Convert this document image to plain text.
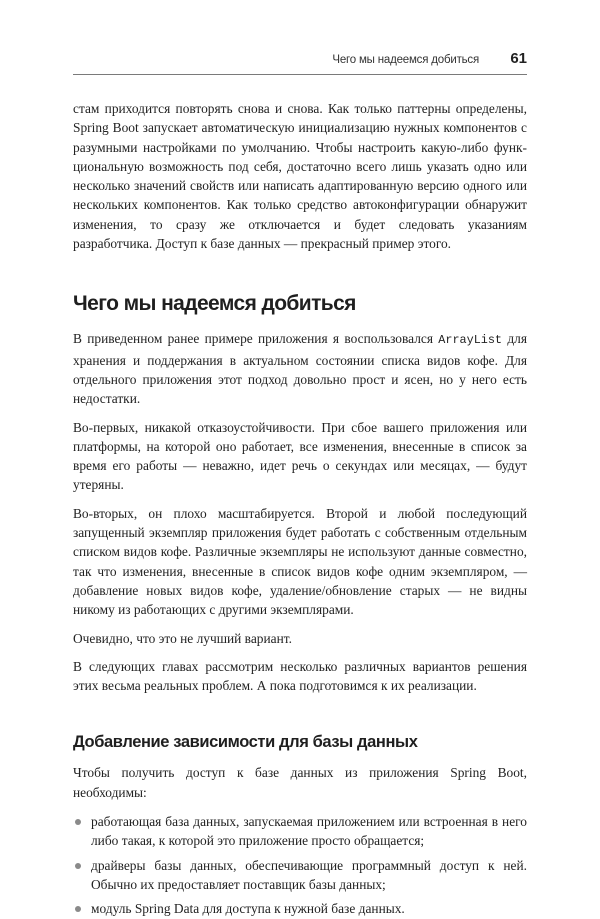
Чего мы надеемся добиться 61

стам приходится повторять снова и снова. Как только паттерны определены, Spring Boot запускает автоматическую инициализацию нужных компонентов с разумными настройками по умолчанию. Чтобы настроить какую-либо функциональную возможность под себя, достаточно всего лишь указать одно или несколько значений свойств или написать адаптированную версию одного или нескольких компонентов. Как только средство автоконфигурации обнаружит изменения, то сразу же отключается и будет следовать указаниям разработчика. Доступ к базе данных — прекрасный пример этого.

Чего мы надеемся добиться

В приведенном ранее примере приложения я воспользовался ArrayList для хранения и поддержания в актуальном состоянии списка видов кофе. Для отдельного приложения этот подход довольно прост и ясен, но у него есть недостатки.

Во-первых, никакой отказоустойчивости. При сбое вашего приложения или платформы, на которой оно работает, все изменения, внесенные в список за время его работы — неважно, идет речь о секундах или месяцах, — будут утеряны.

Во-вторых, он плохо масштабируется. Второй и любой последующий запущенный экземпляр приложения будет работать с собственным отдельным списком видов кофе. Различные экземпляры не используют данные совместно, так что изменения, внесенные в список видов кофе одним экземпляром, — добавление новых видов кофе, удаление/обновление старых — не видны никому из работающих с другими экземплярами.

Очевидно, что это не лучший вариант.

В следующих главах рассмотрим несколько различных вариантов решения этих весьма реальных проблем. А пока подготовимся к их реализации.

Добавление зависимости для базы данных

Чтобы получить доступ к базе данных из приложения Spring Boot, необходимы:

работающая база данных, запускаемая приложением или встроенная в него либо такая, к которой это приложение просто обращается;
драйверы базы данных, обеспечивающие программный доступ к ней. Обычно их предоставляет поставщик базы данных;
модуль Spring Data для доступа к нужной базе данных.
